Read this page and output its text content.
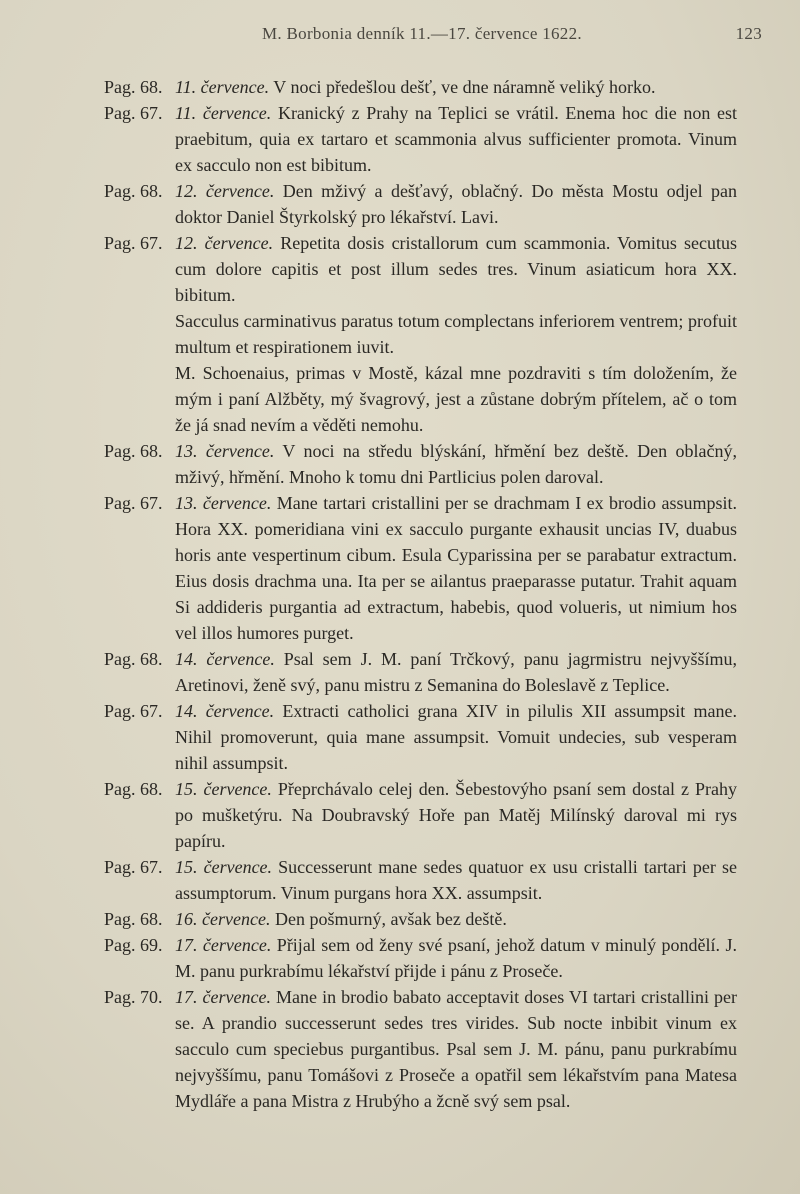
M. Borbonia denník 11.—17. července 1622.	123
Pag. 68. 11. července. V noci předešlou dešť, ve dne náramně veliký horko.
Pag. 67. 11. července. Kranický z Prahy na Teplici se vrátil. Enema hoc die non est praebitum, quia ex tartaro et scammonia alvus sufficienter promota. Vinum ex sacculo non est bibitum.
Pag. 68. 12. července. Den mživý a dešťavý, oblačný. Do města Mostu odjel pan doktor Daniel Štyrkolský pro lékařství. Lavi.
Pag. 67. 12. července. Repetita dosis cristallorum cum scammonia. Vomitus secutus cum dolore capitis et post illum sedes tres. Vinum asiaticum hora XX. bibitum.
Sacculus carminativus paratus totum complectans inferiorem ventrem; profuit multum et respirationem iuvit.
M. Schoenaius, primas v Mostě, kázal mne pozdraviti s tím doložením, že mým i paní Alžběty, mý švagrový, jest a zůstane dobrým přítelem, ač o tom že já snad nevím a věděti nemohu.
Pag. 68. 13. července. V noci na středu blýskání, hřmění bez deště. Den oblačný, mživý, hřmění. Mnoho k tomu dni Partlicius polen daroval.
Pag. 67. 13. července. Mane tartari cristallini per se drachmam I ex brodio assumpsit. Hora XX. pomeridiana vini ex sacculo purgante exhausit uncias IV, duabus horis ante vespertinum cibum. Esula Cyparissina per se parabatur extractum. Eius dosis drachma una. Ita per se ailantus praeparasse putatur. Trahit aquam Si addideris purgantia ad extractum, habebis, quod volueris, ut nimium hos vel illos humores purget.
Pag. 68. 14. července. Psal sem J. M. paní Trčkový, panu jagrmistru nejvyššímu, Aretinovi, ženě svý, panu mistru z Semanina do Boleslavě z Teplice.
Pag. 67. 14. července. Extracti catholici grana XIV in pilulis XII assumpsit mane. Nihil promoverunt, quia mane assumpsit. Vomuit undecies, sub vesperam nihil assumpsit.
Pag. 68. 15. července. Přeprchávalo celej den. Šebestovýho psaní sem dostal z Prahy po mušketýru. Na Doubravský Hoře pan Matěj Milínský daroval mi rys papíru.
Pag. 67. 15. července. Successerunt mane sedes quatuor ex usu cristalli tartari per se assumptorum. Vinum purgans hora XX. assumpsit.
Pag. 68. 16. července. Den pošmurný, avšak bez deště.
Pag. 69. 17. července. Přijal sem od ženy své psaní, jehož datum v minulý pondělí. J. M. panu purkrabímu lékařství přijde i pánu z Proseče.
Pag. 70. 17. července. Mane in brodio babato acceptavit doses VI tartari cristallini per se. A prandio successerunt sedes tres virides. Sub nocte inbibit vinum ex sacculo cum speciebus purgantibus. Psal sem J. M. pánu, panu purkrabímu nejvyššímu, panu Tomášovi z Proseče a opatřil sem lékařstvím pana Matesa Mydláře a pana Mistra z Hrubýho a žcně svý sem psal.
